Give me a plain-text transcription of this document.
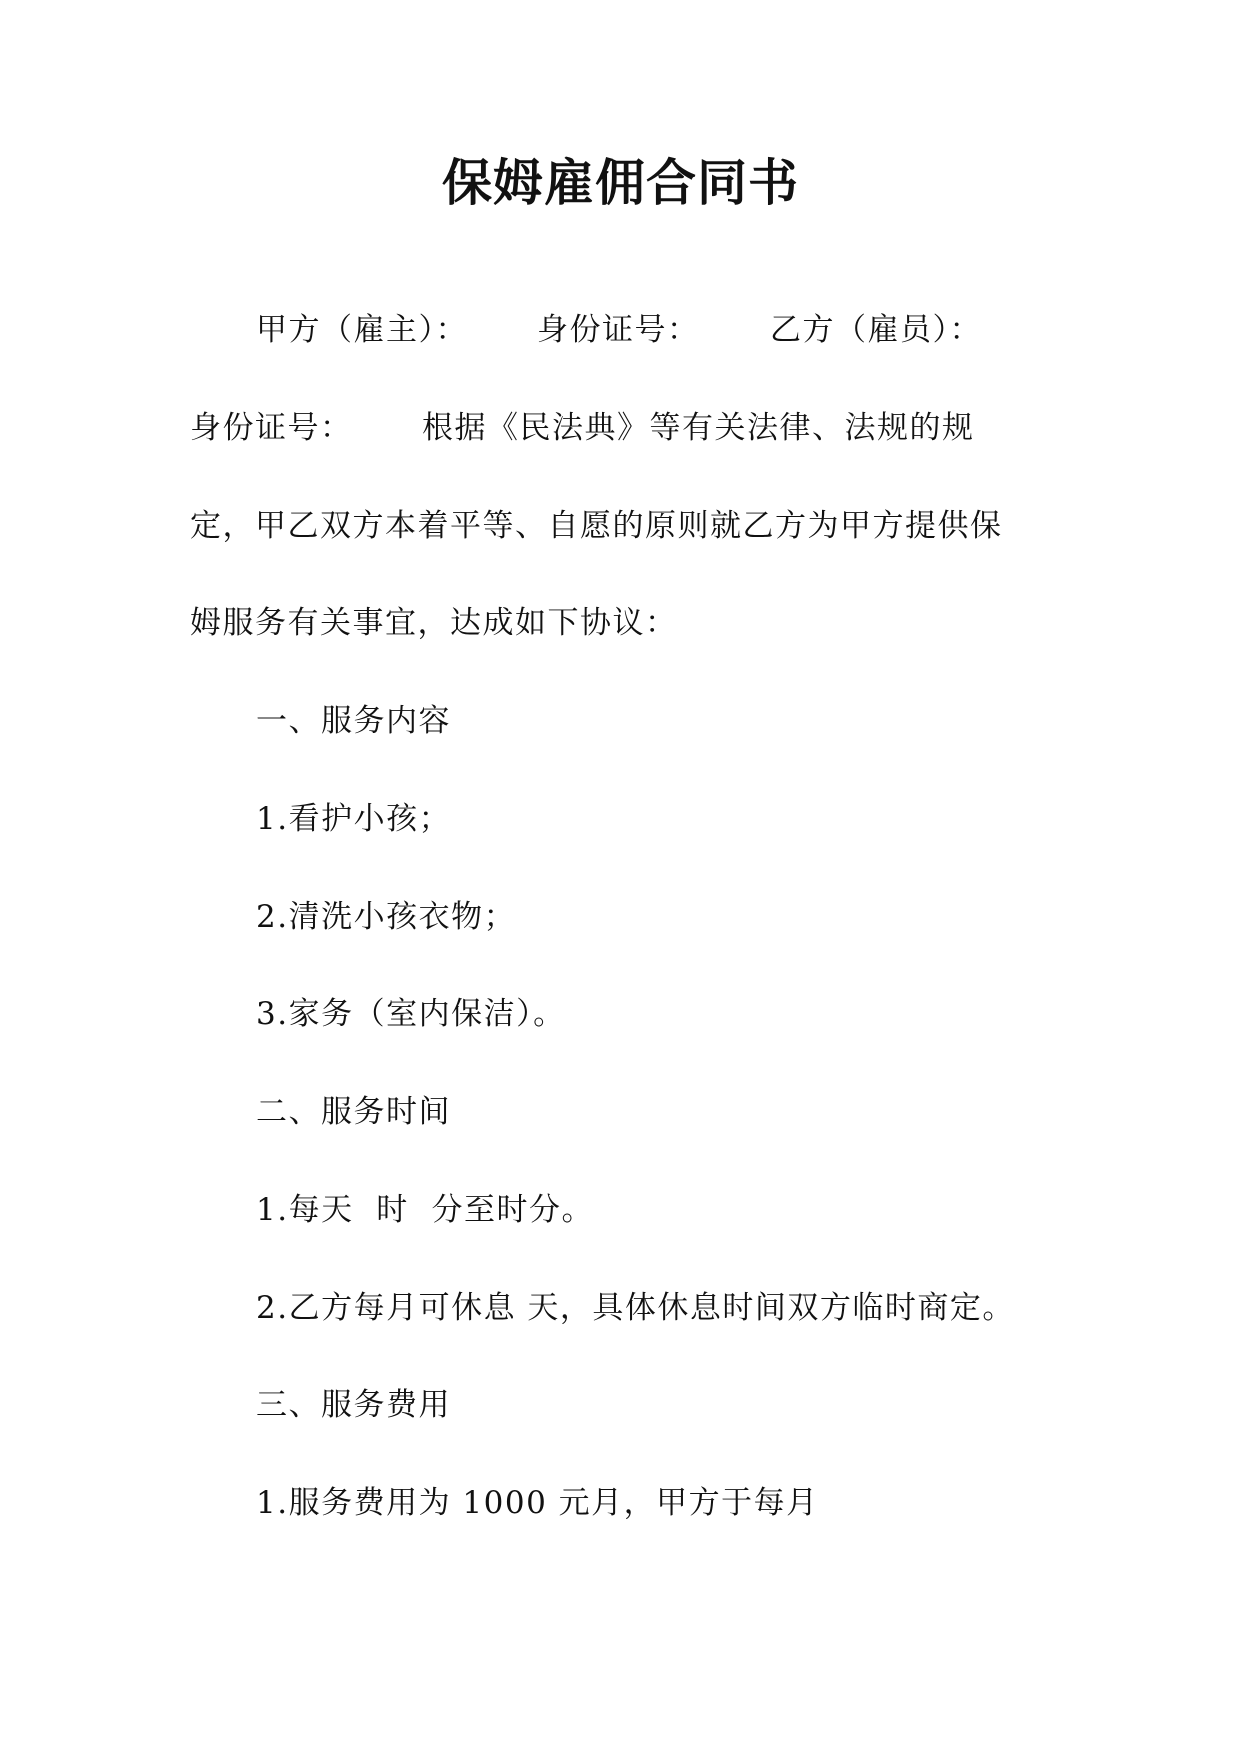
保姆雇佣合同书
甲方（雇主）： 身份证号： 乙方（雇员）：
身份证号： 根据《民法典》等有关法律、法规的规
定，甲乙双方本着平等、自愿的原则就乙方为甲方提供保
姆服务有关事宜，达成如下协议：
一、服务内容
1.看护小孩；
2.清洗小孩衣物；
3.家务（室内保洁）。
二、服务时间
1.每天  时  分至时分。
2.乙方每月可休息 天，具体休息时间双方临时商定。
三、服务费用
1.服务费用为 1000 元月，甲方于每月
